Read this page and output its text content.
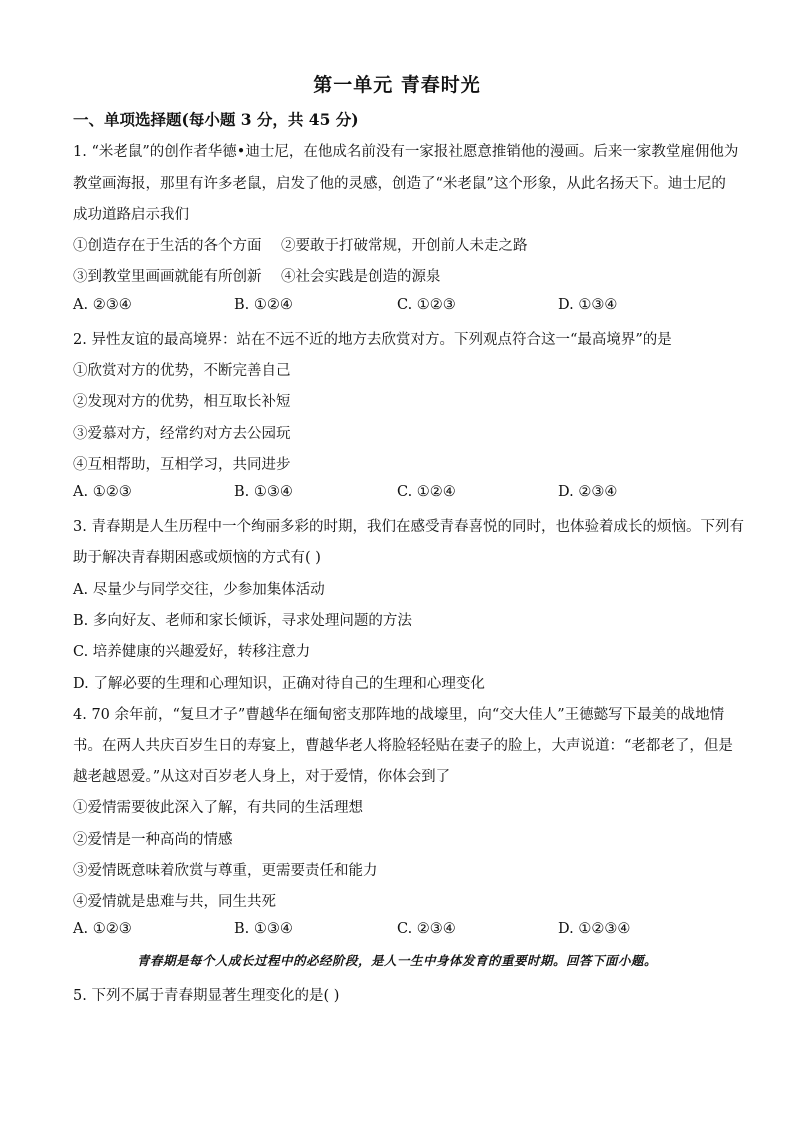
第一单元 青春时光
一、单项选择题(每小题 3 分，共 45 分)
1. “米老鼠”的创作者华德•迪士尼，在他成名前没有一家报社愿意推销他的漫画。后来一家教堂雇佣他为
教堂画海报，那里有许多老鼠，启发了他的灵感，创造了“米老鼠”这个形象，从此名扬天下。迪士尼的
成功道路启示我们
①创造存在于生活的各个方面 ②要敢于打破常规，开创前人未走之路
③到教堂里画画就能有所创新 ④社会实践是创造的源泉
A. ②③④	B. ①②④	C. ①②③	D. ①③④
2. 异性友谊的最高境界：站在不远不近的地方去欣赏对方。下列观点符合这一“最高境界”的是
①欣赏对方的优势，不断完善自己
②发现对方的优势，相互取长补短
③爱慕对方，经常约对方去公园玩
④互相帮助，互相学习，共同进步
A. ①②③	B. ①③④	C. ①②④	D. ②③④
3. 青春期是人生历程中一个绚丽多彩的时期，我们在感受青春喜悦的同时，也体验着成长的烦恼。下列有
助于解决青春期困惑或烦恼的方式有( )
A. 尽量少与同学交往，少参加集体活动
B. 多向好友、老师和家长倾诉，寻求处理问题的方法
C. 培养健康的兴趣爱好，转移注意力
D. 了解必要的生理和心理知识，正确对待自己的生理和心理变化
4. 70 余年前，“复旦才子”曹越华在缅甸密支那阵地的战壕里，向“交大佳人”王德懿写下最美的战地情
书。在两人共庆百岁生日的寿宴上，曹越华老人将脸轻轻贴在妻子的脸上，大声说道：“老都老了，但是
越老越恩爱。”从这对百岁老人身上，对于爱情，你体会到了
①爱情需要彼此深入了解，有共同的生活理想
②爱情是一种高尚的情感
③爱情既意味着欣赏与尊重，更需要责任和能力
④爱情就是患难与共，同生共死
A. ①②③	B. ①③④	C. ②③④	D. ①②③④
青春期是每个人成长过程中的必经阶段，是人一生中身体发育的重要时期。回答下面小题。
5. 下列不属于青春期显著生理变化的是( )
